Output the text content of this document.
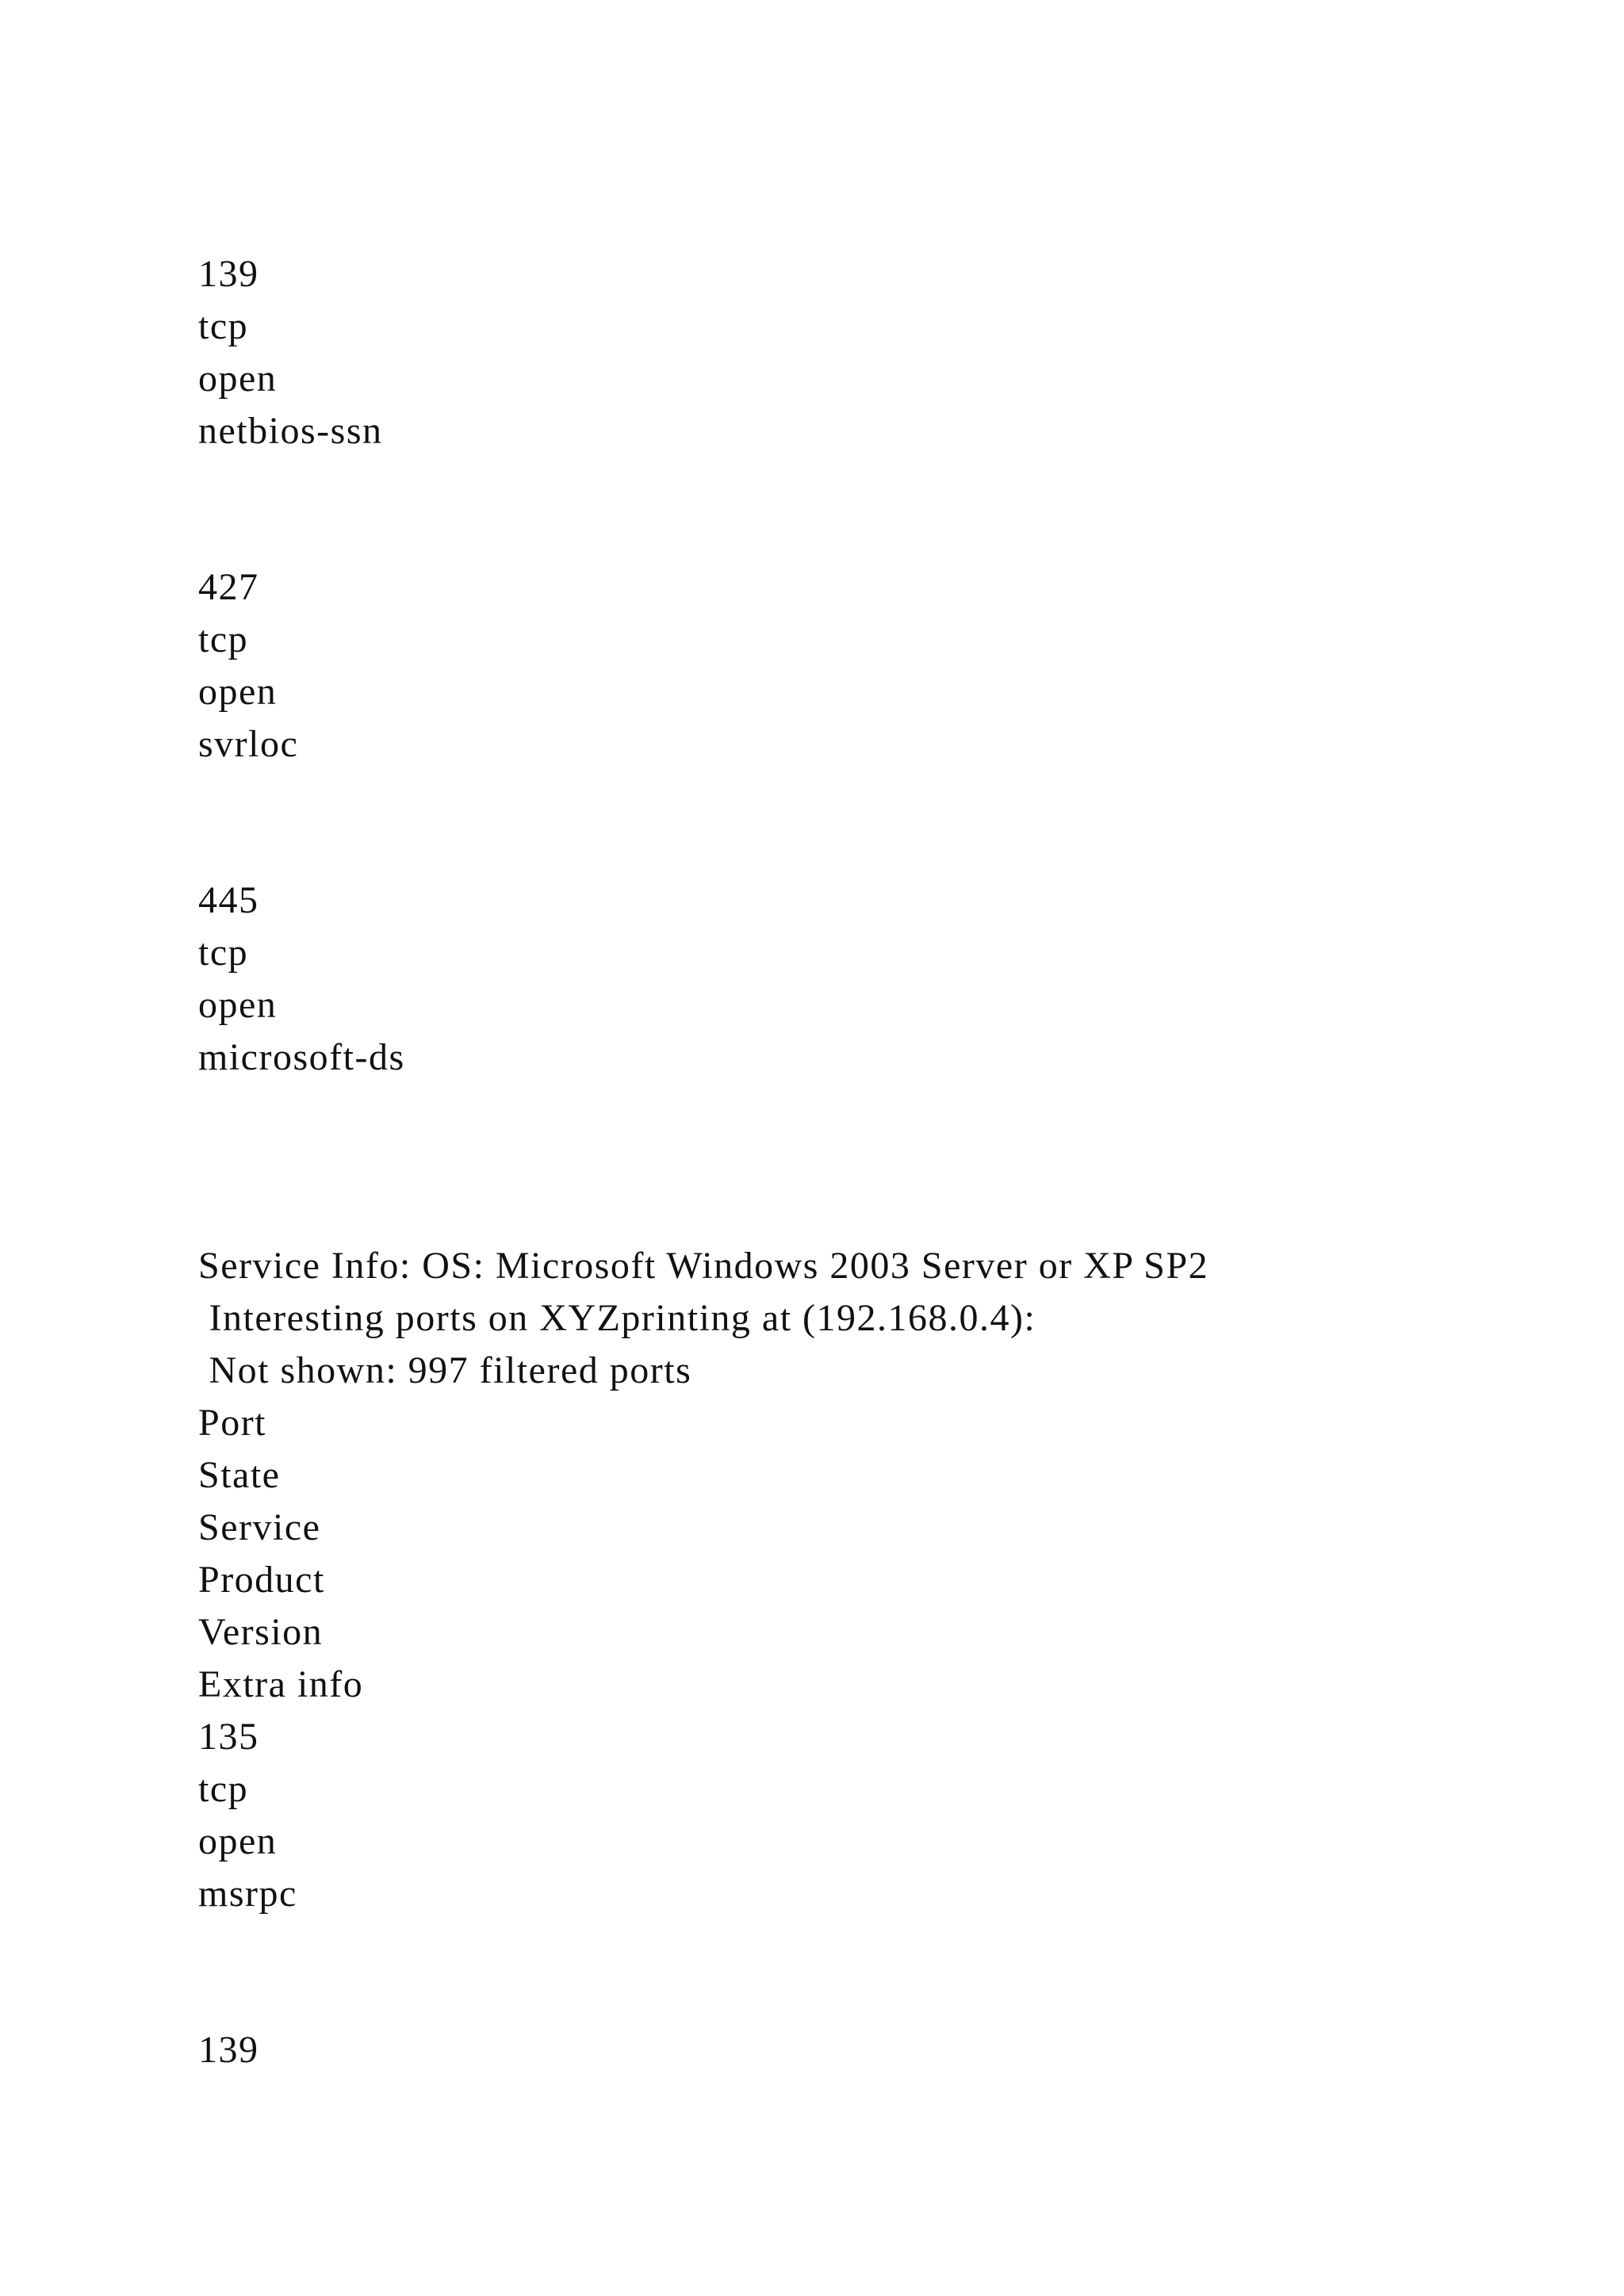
139
tcp
open
netbios-ssn
427
tcp
open
svrloc
445
tcp
open
microsoft-ds
Service Info: OS: Microsoft Windows 2003 Server or XP SP2
Interesting ports on XYZprinting at (192.168.0.4):
Not shown: 997 filtered ports
Port
State
Service
Product
Version
Extra info
135
tcp
open
msrpc
139
